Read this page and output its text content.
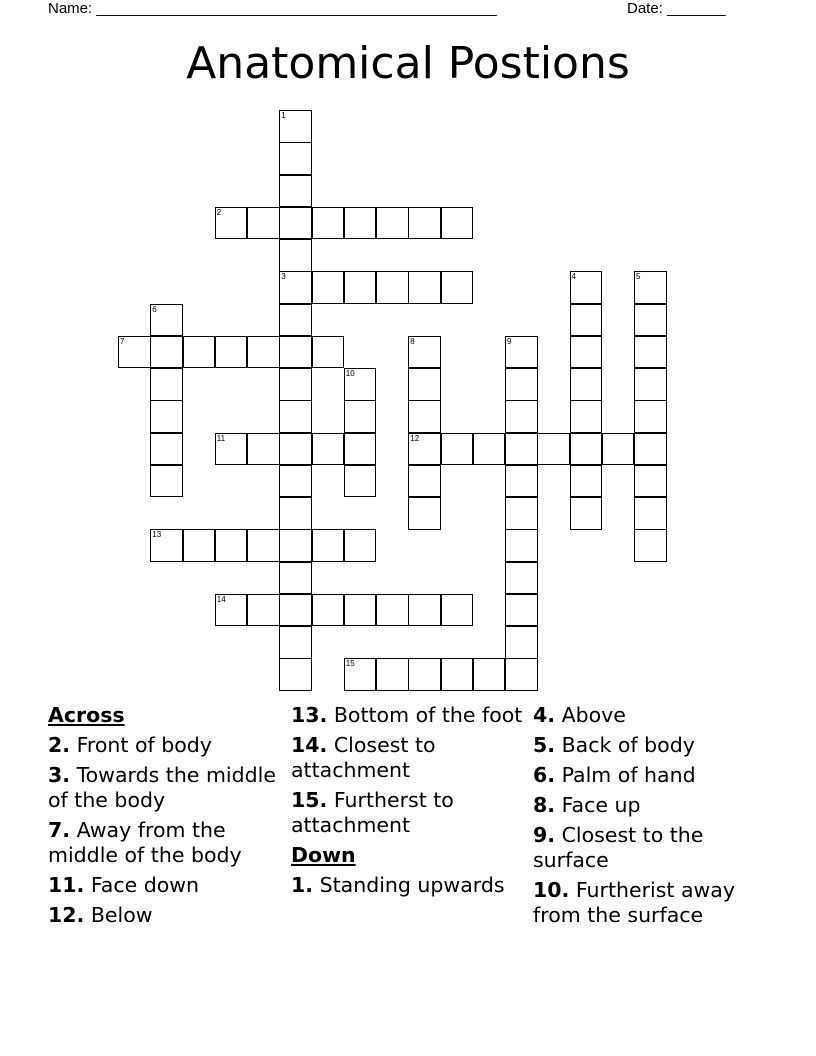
Name: ________________________________________________	Date: _______
Anatomical Postions
1
3
2
4	5
6
7	8
12
9
10
11
13
14
15
Across
2. Front of body
3. Towards the middle of the body
7. Away from the middle of the body
11. Face down
12. Below
13. Bottom of the foot
14. Closest to attachment
15. Furtherst to attachment
Down
1. Standing upwards
4. Above
5. Back of body
6. Palm of hand
8. Face up
9. Closest to the surface
10. Furtherist away from the surface
